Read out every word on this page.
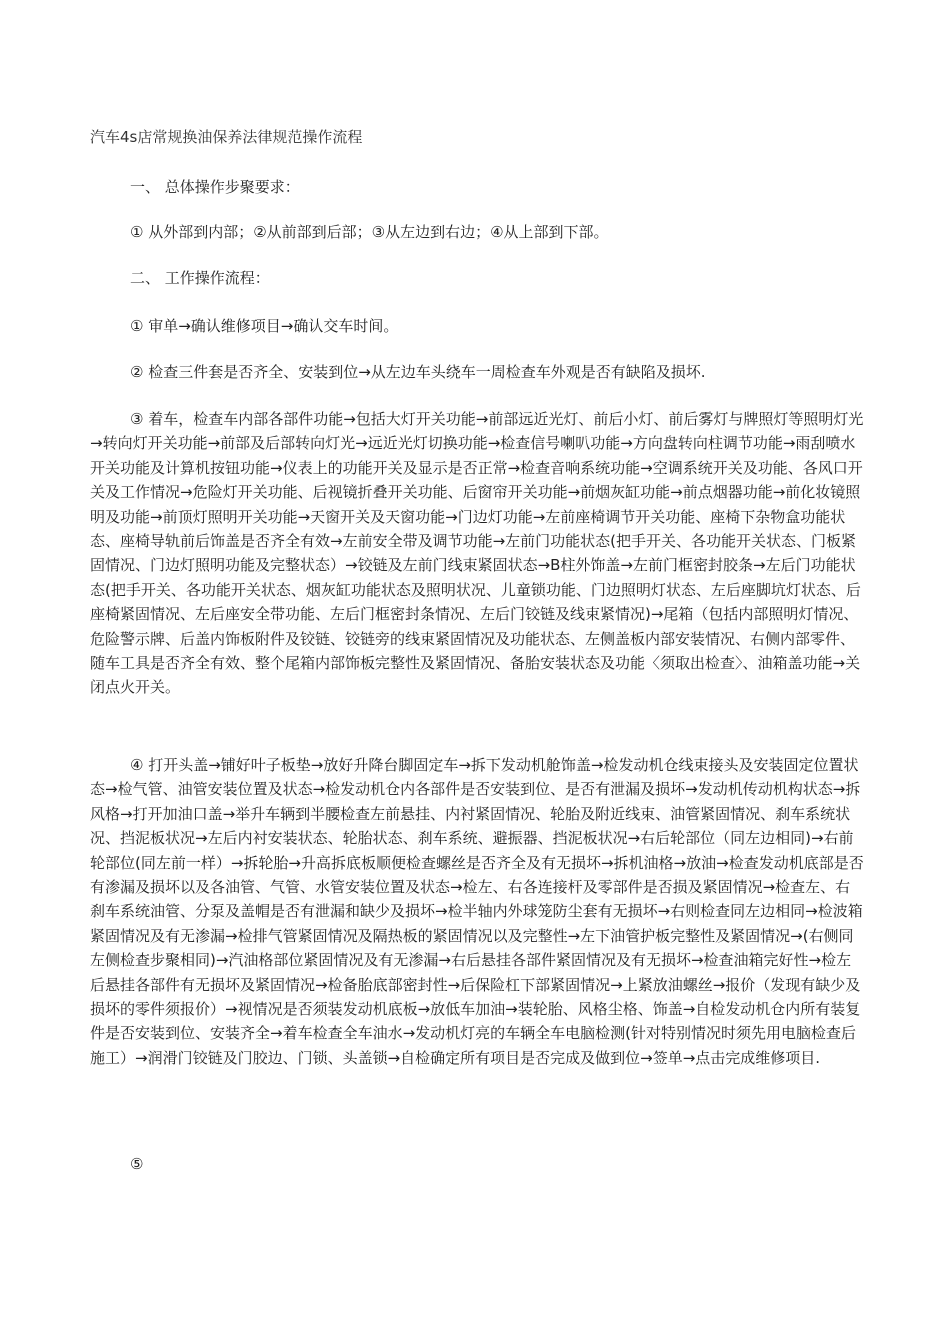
汽车4s店常规换油保养法律规范操作流程
一、 总体操作步聚要求：
① 从外部到内部；②从前部到后部；③从左边到右边；④从上部到下部。
二、 工作操作流程：
① 审单→确认维修项目→确认交车时间。
② 检查三件套是否齐全、安装到位→从左边车头绕车一周检查车外观是否有缺陷及损坏.

③ 着车，检查车内部各部件功能→包括大灯开关功能→前部远近光灯、前后小灯、前后雾灯与牌照灯等照明灯光→转向灯开关功能→前部及后部转向灯光→远近光灯切换功能→检查信号喇叭功能→方向盘转向柱调节功能→雨刮喷水开关功能及计算机按钮功能→仪表上的功能开关及显示是否正常→检查音响系统功能→空调系统开关及功能、各风口开关及工作情况→危险灯开关功能、后视镜折叠开关功能、后窗帘开关功能→前烟灰缸功能→前点烟器功能→前化妆镜照明及功能→前顶灯照明开关功能→天窗开关及天窗功能→门边灯功能→左前座椅调节开关功能、座椅下杂物盒功能状态、座椅导轨前后饰盖是否齐全有效→左前安全带及调节功能→左前门功能状态(把手开关、各功能开关状态、门板紧固情况、门边灯照明功能及完整状态）→铰链及左前门线束紧固状态→B柱外饰盖→左前门框密封胶条→左后门功能状态(把手开关、各功能开关状态、烟灰缸功能状态及照明状况、儿童锁功能、门边照明灯状态、左后座脚坑灯状态、后座椅紧固情况、左后座安全带功能、左后门框密封条情况、左后门铰链及线束紧情况)→尾箱（包括内部照明灯情况、危险警示牌、后盖内饰板附件及铰链、铰链旁的线束紧固情况及功能状态、左侧盖板内部安装情况、右侧内部零件、随车工具是否齐全有效、整个尾箱内部饰板完整性及紧固情况、备胎安装状态及功能〈须取出检查〉、油箱盖功能→关闭点火开关。

④ 打开头盖→铺好叶子板垫→放好升降台脚固定车→拆下发动机舱饰盖→检发动机仓线束接头及安装固定位置状态→检气管、油管安装位置及状态→检发动机仓内各部件是否安装到位、是否有泄漏及损坏→发动机传动机构状态→拆风格→打开加油口盖→举升车辆到半腰检查左前悬挂、内衬紧固情况、轮胎及附近线束、油管紧固情况、刹车系统状况、挡泥板状况→左后内衬安装状态、轮胎状态、刹车系统、避振器、挡泥板状况→右后轮部位（同左边相同)→右前轮部位(同左前一样）→拆轮胎→升高拆底板顺便检查螺丝是否齐全及有无损坏→拆机油格→放油→检查发动机底部是否有渗漏及损坏以及各油管、气管、水管安装位置及状态→检左、右各连接杆及零部件是否损及紧固情况→检查左、右刹车系统油管、分泵及盖帽是否有泄漏和缺少及损坏→检半轴内外球笼防尘套有无损坏→右则检查同左边相同→检波箱紧固情况及有无渗漏→检排气管紧固情况及隔热板的紧固情况以及完整性→左下油管护板完整性及紧固情况→(右侧同左侧检查步聚相同)→汽油格部位紧固情况及有无渗漏→右后悬挂各部件紧固情况及有无损坏→检查油箱完好性→检左后悬挂各部件有无损坏及紧固情况→检备胎底部密封性→后保险杠下部紧固情况→上紧放油螺丝→报价（发现有缺少及损坏的零件须报价）→视情况是否须装发动机底板→放低车加油→装轮胎、风格尘格、饰盖→自检发动机仓内所有装复件是否安装到位、安装齐全→着车检查全车油水→发动机灯亮的车辆全车电脑检测(针对特别情况时须先用电脑检查后施工）→润滑门铰链及门胶边、门锁、头盖锁→自检确定所有项目是否完成及做到位→签单→点击完成维修项目.

⑤
